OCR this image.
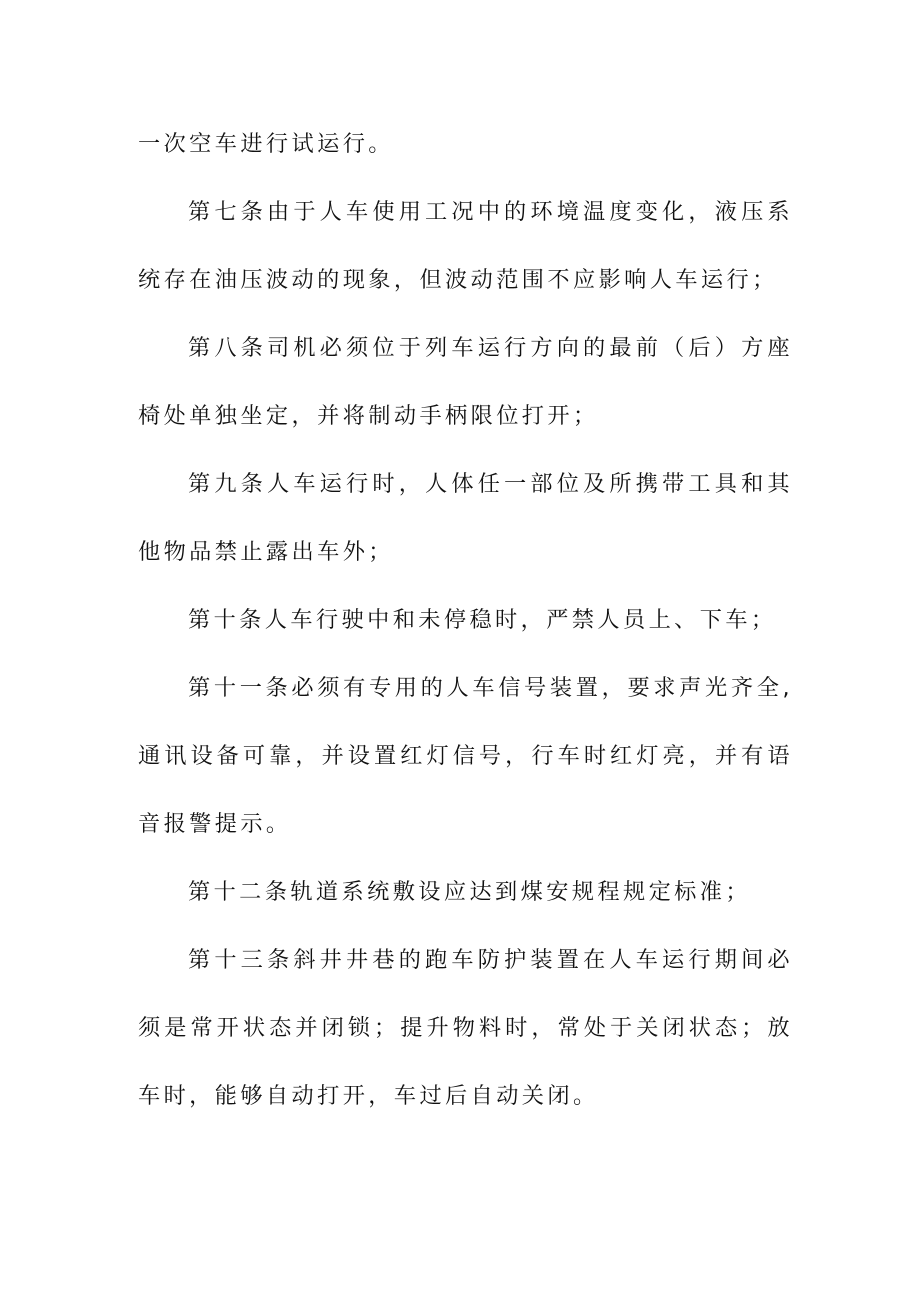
一次空车进行试运行。

第七条由于人车使用工况中的环境温度变化，液压系统存在油压波动的现象，但波动范围不应影响人车运行；

第八条司机必须位于列车运行方向的最前（后）方座椅处单独坐定，并将制动手柄限位打开；

第九条人车运行时，人体任一部位及所携带工具和其他物品禁止露出车外；

第十条人车行驶中和未停稳时，严禁人员上、下车；

第十一条必须有专用的人车信号装置，要求声光齐全,通讯设备可靠，并设置红灯信号，行车时红灯亮，并有语音报警提示。

第十二条轨道系统敷设应达到煤安规程规定标准；

第十三条斜井井巷的跑车防护装置在人车运行期间必须是常开状态并闭锁；提升物料时，常处于关闭状态；放车时，能够自动打开，车过后自动关闭。
